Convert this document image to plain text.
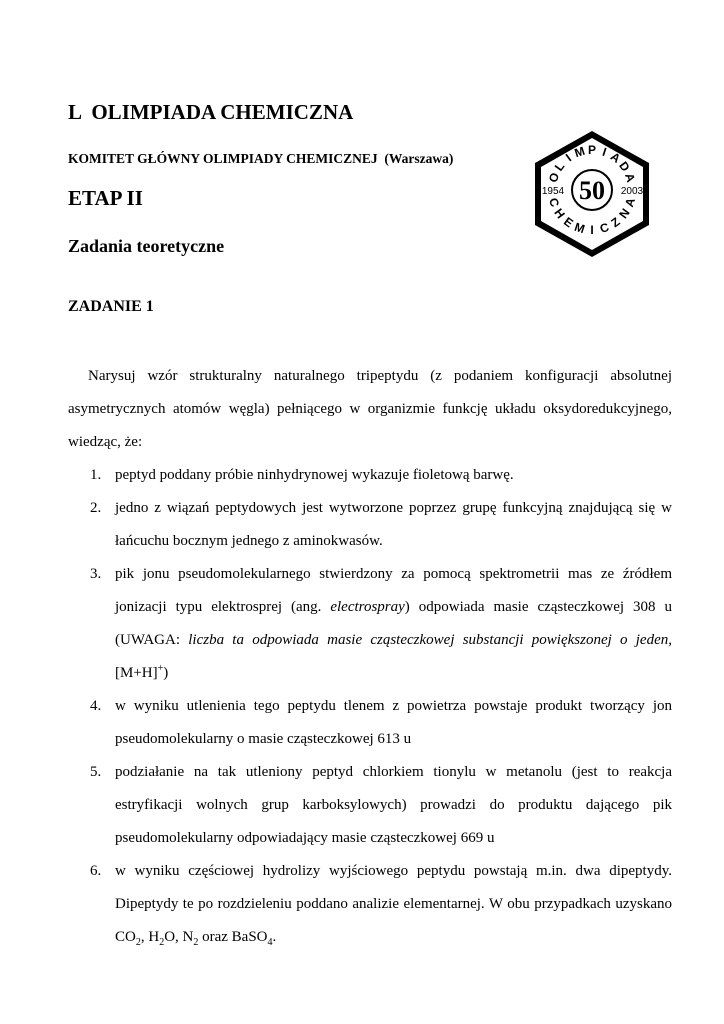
L  OLIMPIADA CHEMICZNA
KOMITET GŁÓWNY OLIMPIADY CHEMICZNEJ  (Warszawa)
ETAP II
Zadania teoretyczne
O
L
I
M P I A
D
A
C
H
E
M I C
Z
N
A
50
1954	2003
ZADANIE 1

Narysuj wzór strukturalny naturalnego tripeptydu (z podaniem konfiguracji absolutnej asymetrycznych atomów węgla) pełniącego w organizmie funkcję układu oksydoredukcyjnego, wiedząc, że:

1. peptyd poddany próbie ninhydrynowej wykazuje fioletową barwę.
2. jedno z wiązań peptydowych jest wytworzone poprzez grupę funkcyjną znajdującą się w łańcuchu bocznym jednego z aminokwasów.
3. pik jonu pseudomolekularnego stwierdzony za pomocą spektrometrii mas ze źródłem jonizacji typu elektrosprej (ang. electrospray) odpowiada masie cząsteczkowej 308 u (UWAGA: liczba ta odpowiada masie cząsteczkowej substancji powiększonej o jeden, [M+H]+)
4. w wyniku utlenienia tego peptydu tlenem z powietrza powstaje produkt tworzący jon pseudomolekularny o masie cząsteczkowej 613 u
5. podziałanie na tak utleniony peptyd chlorkiem tionylu w metanolu (jest to reakcja estryfikacji wolnych grup karboksylowych) prowadzi do produktu dającego pik pseudomolekularny odpowiadający masie cząsteczkowej 669 u
6. w wyniku częściowej hydrolizy wyjściowego peptydu powstają m.in. dwa dipeptydy. Dipeptydy te po rozdzieleniu poddano analizie elementarnej. W obu przypadkach uzyskano $CO_2$, $H_2O$, $N_2$ oraz BaSO$_4$.
